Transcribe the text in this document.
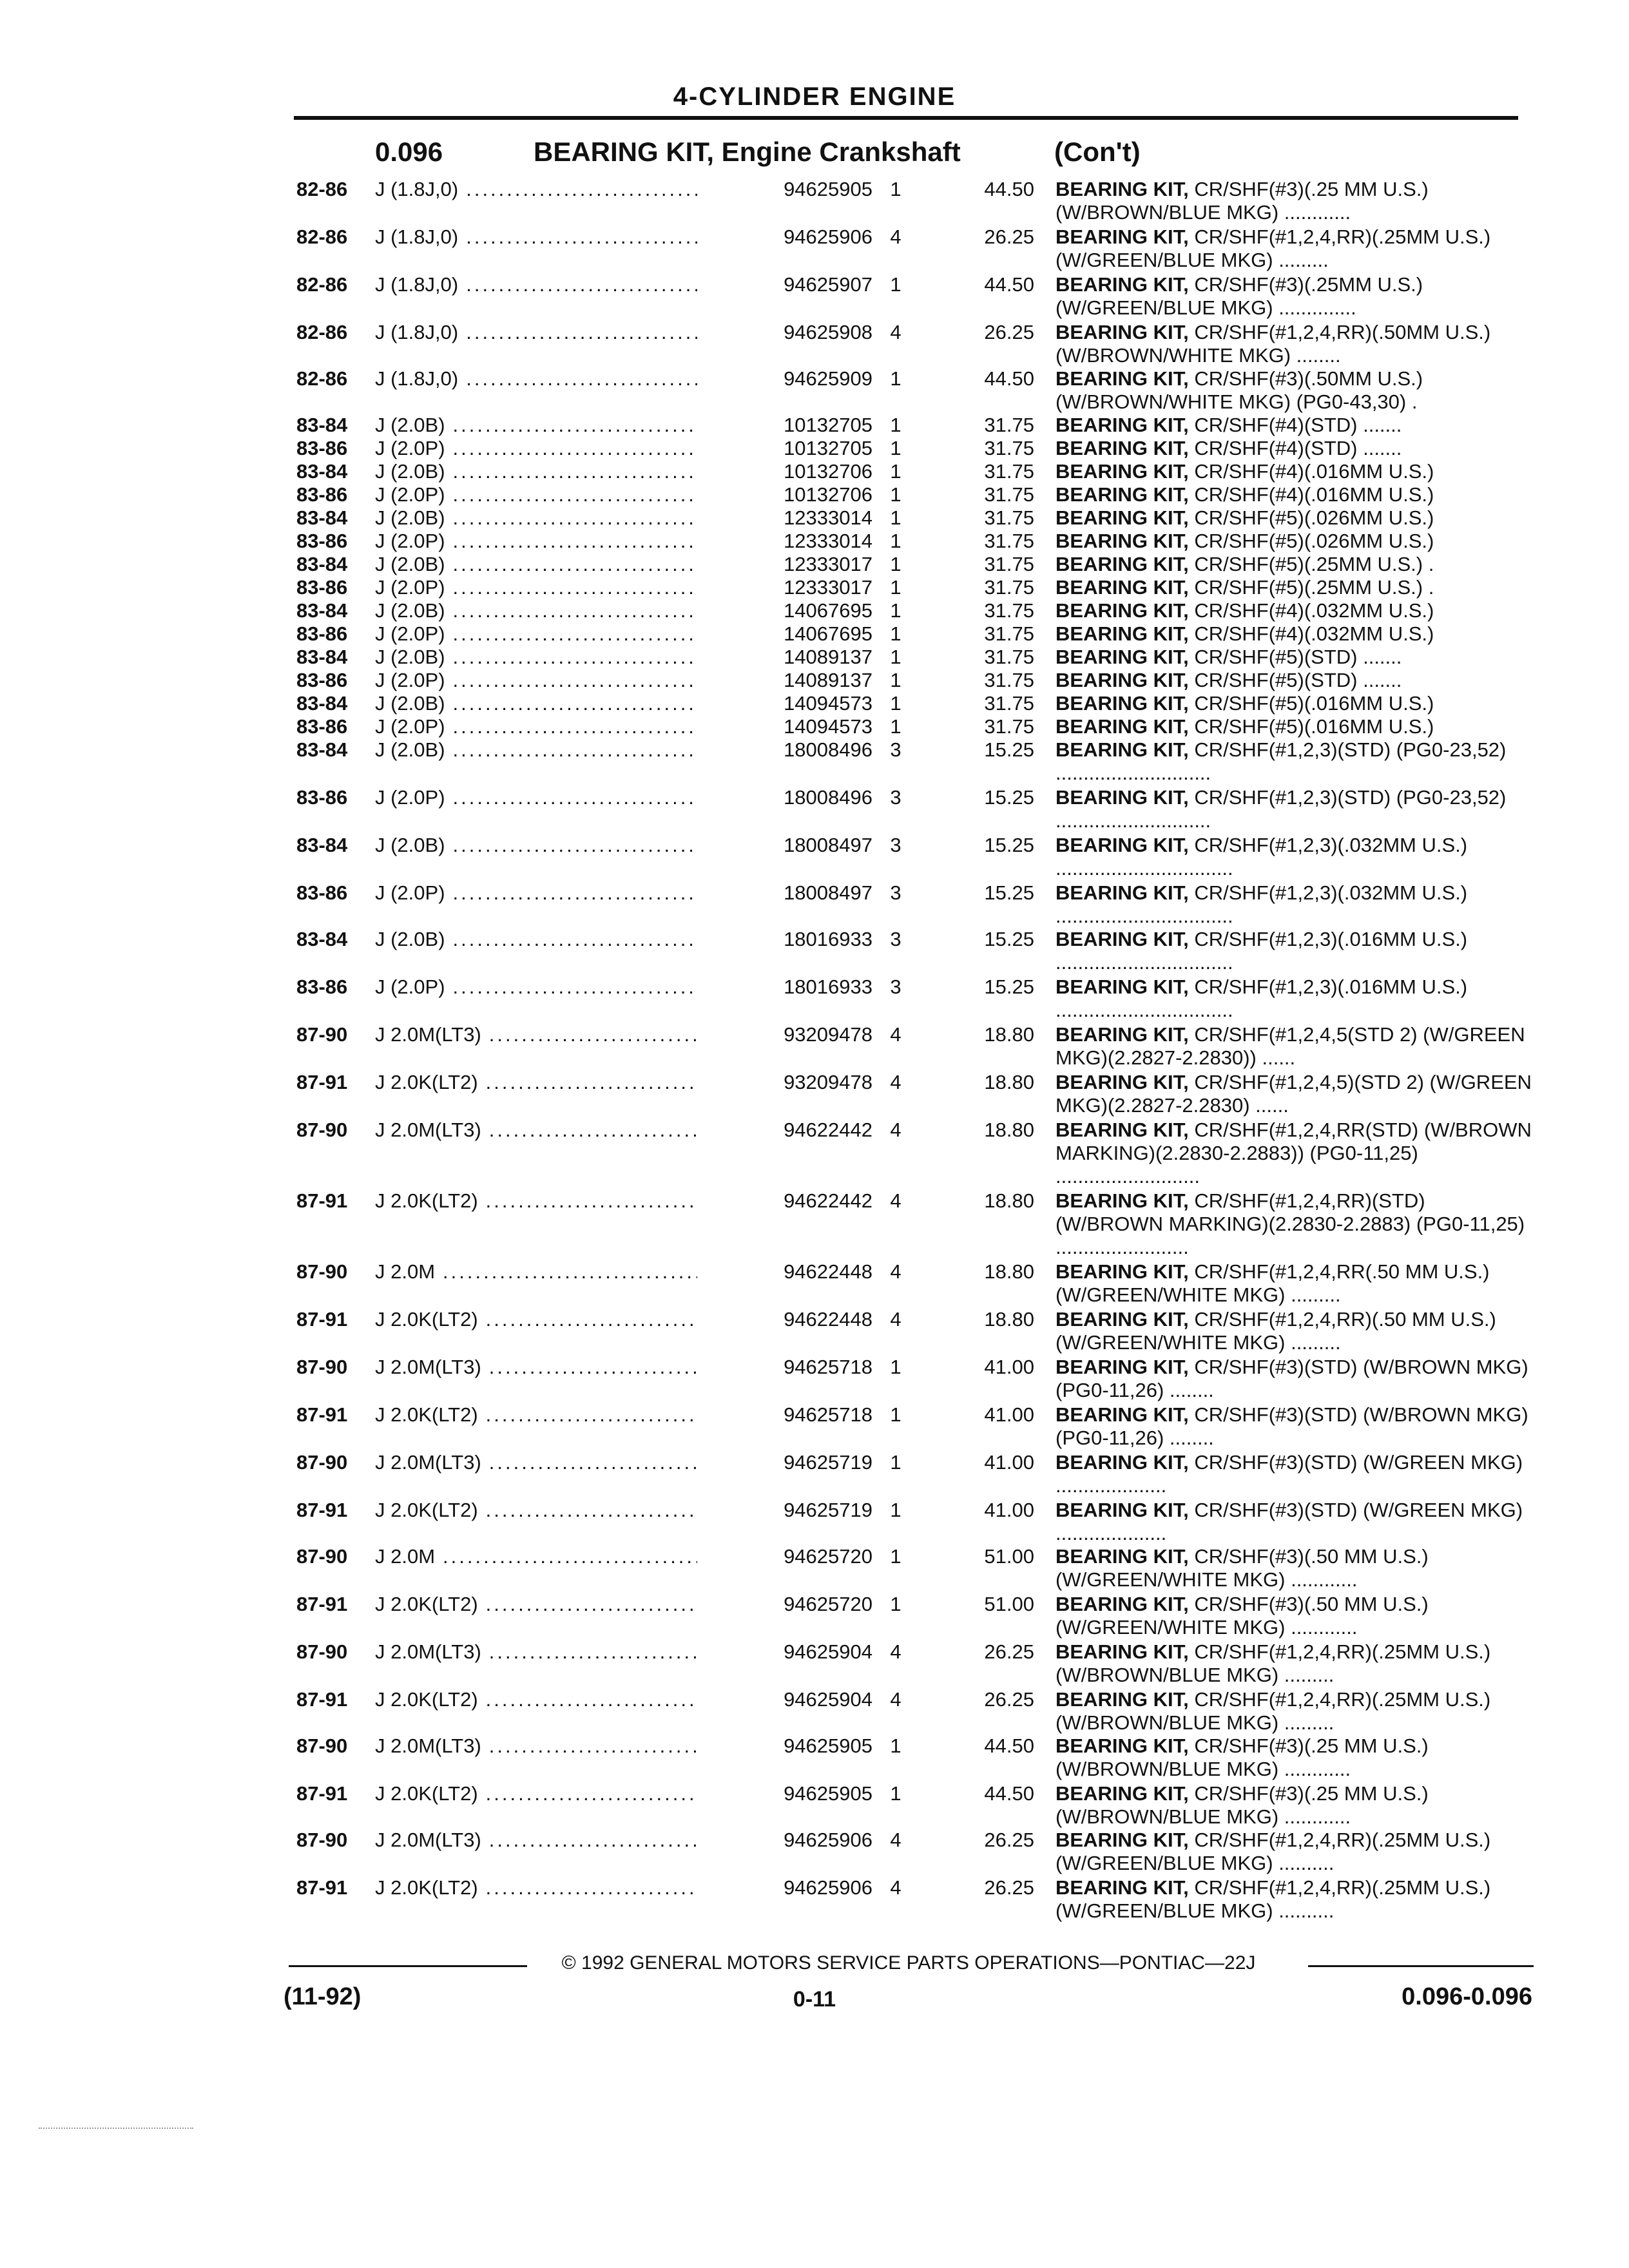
4-CYLINDER ENGINE
0.096	BEARING KIT, Engine Crankshaft	(Con't)
82-86	J (1.8J,0) .....	94625905 1	44.50 BEARING KIT, CR/SHF(#3)(.25 MM U.S.) (W/BROWN/BLUE MKG) ............
82-86	J (1.8J,0) .....	94625906 4	26.25 BEARING KIT, CR/SHF(#1,2,4,RR)(.25MM U.S.)(W/GREEN/BLUE MKG) .........
82-86	J (1.8J,0) .....	94625907 1	44.50 BEARING KIT, CR/SHF(#3)(.25MM U.S.) (W/GREEN/BLUE MKG) ..............
82-86	J (1.8J,0) .....	94625908 4	26.25 BEARING KIT, CR/SHF(#1,2,4,RR)(.50MM U.S.)(W/BROWN/WHITE MKG) ........
82-86	J (1.8J,0) .....	94625909 1	44.50 BEARING KIT, CR/SHF(#3)(.50MM U.S.) (W/BROWN/WHITE MKG) (PG0-43,30) .
83-84	J (2.0B) .....	10132705 1	31.75 BEARING KIT, CR/SHF(#4)(STD) .......
83-86	J (2.0P) .....	10132705 1	31.75 BEARING KIT, CR/SHF(#4)(STD) .......
83-84	J (2.0B) .....	10132706 1	31.75 BEARING KIT, CR/SHF(#4)(.016MM U.S.)
83-86	J (2.0P) .....	10132706 1	31.75 BEARING KIT, CR/SHF(#4)(.016MM U.S.)
83-84	J (2.0B) .....	12333014 1	31.75 BEARING KIT, CR/SHF(#5)(.026MM U.S.)
83-86	J (2.0P) .....	12333014 1	31.75 BEARING KIT, CR/SHF(#5)(.026MM U.S.)
83-84	J (2.0B) .....	12333017 1	31.75 BEARING KIT, CR/SHF(#5)(.25MM U.S.) .
83-86	J (2.0P) .....	12333017 1	31.75 BEARING KIT, CR/SHF(#5)(.25MM U.S.) .
83-84	J (2.0B) .....	14067695 1	31.75 BEARING KIT, CR/SHF(#4)(.032MM U.S.)
83-86	J (2.0P) .....	14067695 1	31.75 BEARING KIT, CR/SHF(#4)(.032MM U.S.)
83-84	J (2.0B) .....	14089137 1	31.75 BEARING KIT, CR/SHF(#5)(STD) .......
83-86	J (2.0P) .....	14089137 1	31.75 BEARING KIT, CR/SHF(#5)(STD) .......
83-84	J (2.0B) .....	14094573 1	31.75 BEARING KIT, CR/SHF(#5)(.016MM U.S.)
83-86	J (2.0P) .....	14094573 1	31.75 BEARING KIT, CR/SHF(#5)(.016MM U.S.)
83-84	J (2.0B) .....	18008496 3	15.25 BEARING KIT, CR/SHF(#1,2,3)(STD) (PG0-23,52) ............................
83-86	J (2.0P) .....	18008496 3	15.25 BEARING KIT, CR/SHF(#1,2,3)(STD) (PG0-23,52) ............................
83-84	J (2.0B) .....	18008497 3	15.25 BEARING KIT, CR/SHF(#1,2,3)(.032MM U.S.) ................................
83-86	J (2.0P) .....	18008497 3	15.25 BEARING KIT, CR/SHF(#1,2,3)(.032MM U.S.) ................................
83-84	J (2.0B) .....	18016933 3	15.25 BEARING KIT, CR/SHF(#1,2,3)(.016MM U.S.) ................................
83-86	J (2.0P) .....	18016933 3	15.25 BEARING KIT, CR/SHF(#1,2,3)(.016MM U.S.) ................................
87-90	J 2.0M(LT3) .....	93209478 4	18.80 BEARING KIT, CR/SHF(#1,2,4,5(STD 2) (W/GREEN MKG)(2.2827-2.2830)) ......
87-91	J 2.0K(LT2) .....	93209478 4	18.80 BEARING KIT, CR/SHF(#1,2,4,5)(STD 2) (W/GREEN MKG)(2.2827-2.2830) ......
87-90	J 2.0M(LT3) .....	94622442 4	18.80 BEARING KIT, CR/SHF(#1,2,4,RR(STD) (W/BROWN MARKING)(2.2830-2.2883)) (PG0-11,25) ..........................
87-91	J 2.0K(LT2) .....	94622442 4	18.80 BEARING KIT, CR/SHF(#1,2,4,RR)(STD) (W/BROWN MARKING)(2.2830-2.2883) (PG0-11,25) ........................
87-90	J 2.0M .....	94622448 4	18.80 BEARING KIT, CR/SHF(#1,2,4,RR(.50 MM U.S.)(W/GREEN/WHITE MKG) .........
87-91	J 2.0K(LT2) .....	94622448 4	18.80 BEARING KIT, CR/SHF(#1,2,4,RR)(.50 MM U.S.)(W/GREEN/WHITE MKG) .........
87-90	J 2.0M(LT3) .....	94625718 1	41.00 BEARING KIT, CR/SHF(#3)(STD) (W/BROWN MKG) (PG0-11,26) ........
87-91	J 2.0K(LT2) .....	94625718 1	41.00 BEARING KIT, CR/SHF(#3)(STD) (W/BROWN MKG) (PG0-11,26) ........
87-90	J 2.0M(LT3) .....	94625719 1	41.00 BEARING KIT, CR/SHF(#3)(STD) (W/GREEN MKG) ....................
87-91	J 2.0K(LT2) .....	94625719 1	41.00 BEARING KIT, CR/SHF(#3)(STD) (W/GREEN MKG) ....................
87-90	J 2.0M .....	94625720 1	51.00 BEARING KIT, CR/SHF(#3)(.50 MM U.S.) (W/GREEN/WHITE MKG) ............
87-91	J 2.0K(LT2) .....	94625720 1	51.00 BEARING KIT, CR/SHF(#3)(.50 MM U.S.) (W/GREEN/WHITE MKG) ............
87-90	J 2.0M(LT3) .....	94625904 4	26.25 BEARING KIT, CR/SHF(#1,2,4,RR)(.25MM U.S.)(W/BROWN/BLUE MKG) .........
87-91	J 2.0K(LT2) .....	94625904 4	26.25 BEARING KIT, CR/SHF(#1,2,4,RR)(.25MM U.S.)(W/BROWN/BLUE MKG) .........
87-90	J 2.0M(LT3) .....	94625905 1	44.50 BEARING KIT, CR/SHF(#3)(.25 MM U.S.) (W/BROWN/BLUE MKG) ............
87-91	J 2.0K(LT2) .....	94625905 1	44.50 BEARING KIT, CR/SHF(#3)(.25 MM U.S.) (W/BROWN/BLUE MKG) ............
87-90	J 2.0M(LT3) .....	94625906 4	26.25 BEARING KIT, CR/SHF(#1,2,4,RR)(.25MM U.S.)(W/GREEN/BLUE MKG) ..........
87-91	J 2.0K(LT2) .....	94625906 4	26.25 BEARING KIT, CR/SHF(#1,2,4,RR)(.25MM U.S.)(W/GREEN/BLUE MKG) ..........
© 1992 GENERAL MOTORS SERVICE PARTS OPERATIONS—PONTIAC—22J
(11-92)	0-11	0.096-0.096
